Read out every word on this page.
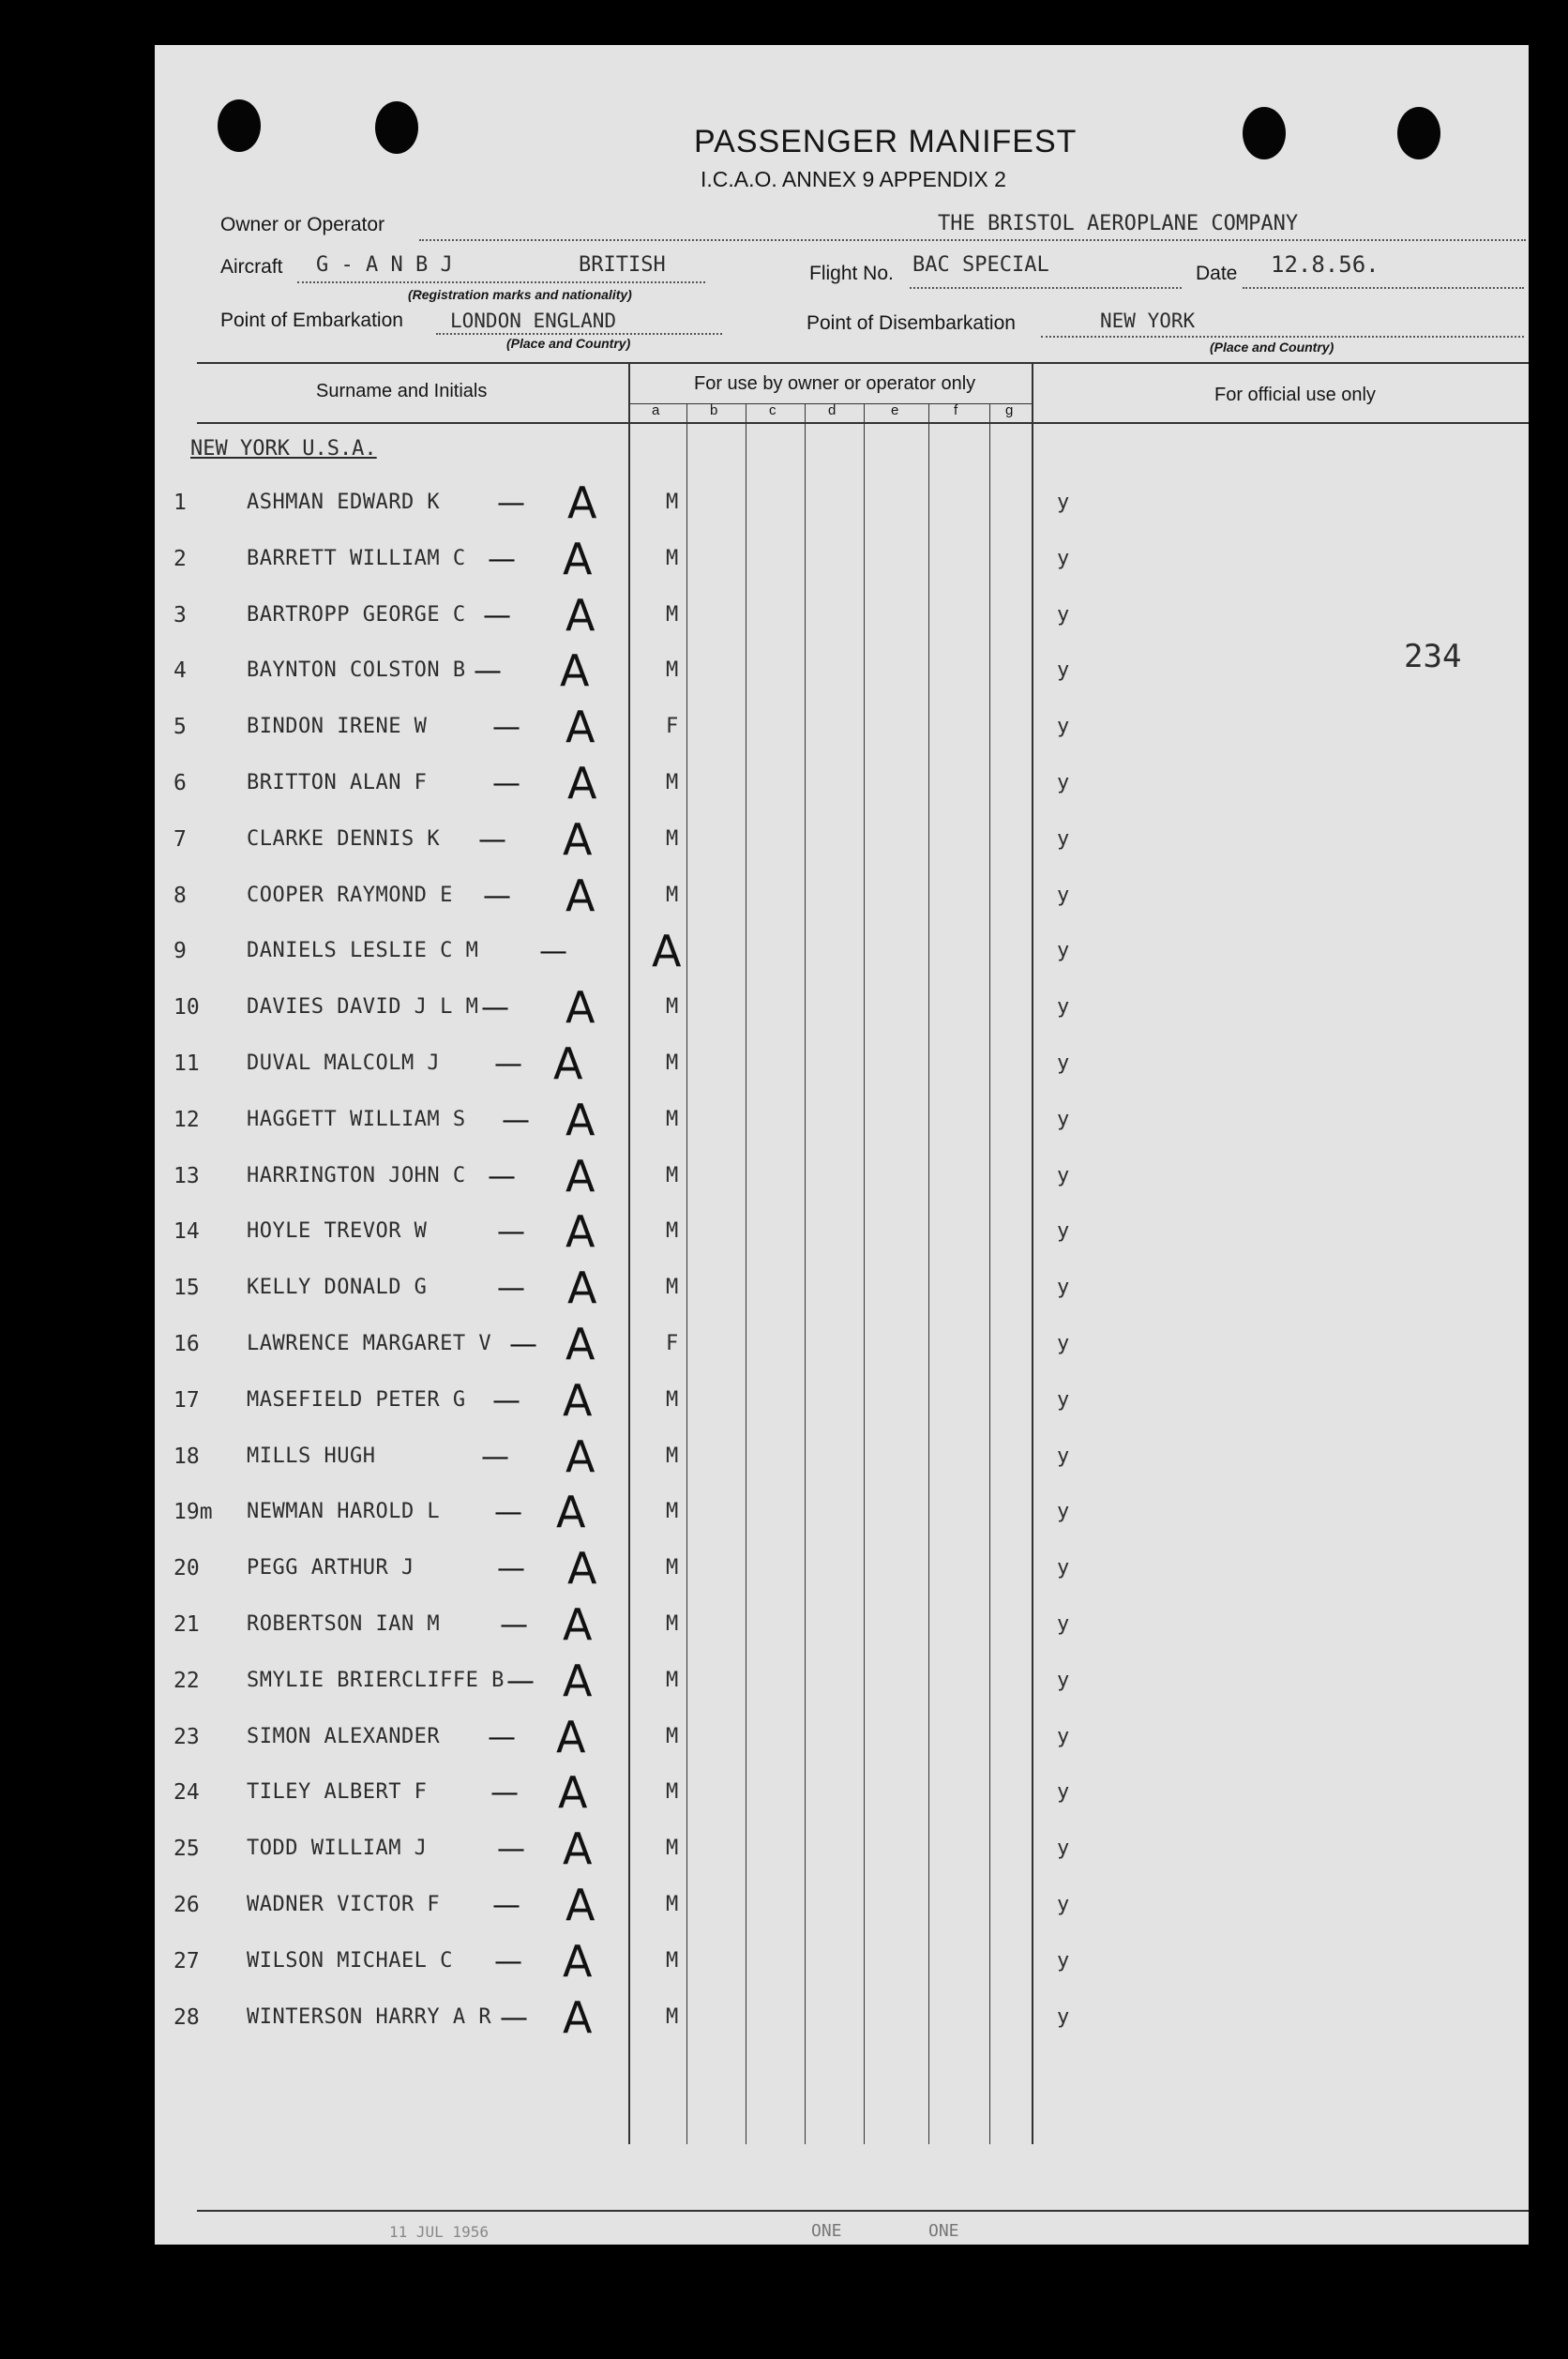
PASSENGER MANIFEST
I.C.A.O. ANNEX 9 APPENDIX 2
Owner or Operator	THE BRISTOL AEROPLANE COMPANY
Aircraft G - A N B J	BRITISH
(Registration marks and nationality)
Flight No. BAC SPECIAL	Date 12.8.56.
Point of Embarkation LONDON ENGLAND
(Place and Country)
Point of Disembarkation	NEW YORK
(Place and Country)
Surname and Initials	For use by owner or operator only
For official use only
a	b	c	d	e	f	g
NEW YORK U.S.A.
234
1	ASHMAN EDWARD K — A	M	y
2	BARRETT WILLIAM C — A	M	y
3	BARTROPP GEORGE C — A	M	y
4	BAYNTON COLSTON B — A	M	y
5	BINDON IRENE W — A	F	y
6	BRITTON ALAN F — A	M	y
7	CLARKE DENNIS K — A	M	y
8	COOPER RAYMOND E — A	M	y
9	DANIELS LESLIE C M — A	y
10 DAVIES DAVID J L M — A	M	y
11 DUVAL MALCOLM J — A	M	y
12 HAGGETT WILLIAM S — A	M	y
13 HARRINGTON JOHN C — A	M	y
14 HOYLE TREVOR W — A	M	y
15 KELLY DONALD G — A	M	y
16 LAWRENCE MARGARET V — A	F	y
17 MASEFIELD PETER G — A	M	y
18 MILLS HUGH	— A	M	y
19m NEWMAN HAROLD L — A	M	y
20 PEGG ARTHUR J	— A	M	y
21 ROBERTSON IAN M — A	M	y
22 SMYLIE BRIERCLIFFE B — A	M	y
23 SIMON ALEXANDER — A	M	y
24 TILEY ALBERT F — A	M	y
25 TODD WILLIAM J — A	M	y
26 WADNER VICTOR F — A	M	y
27 WILSON MICHAEL C — A	M	y
28 WINTERSON HARRY A R — A	M	y
11 JUL 1956	ONE	ONE
